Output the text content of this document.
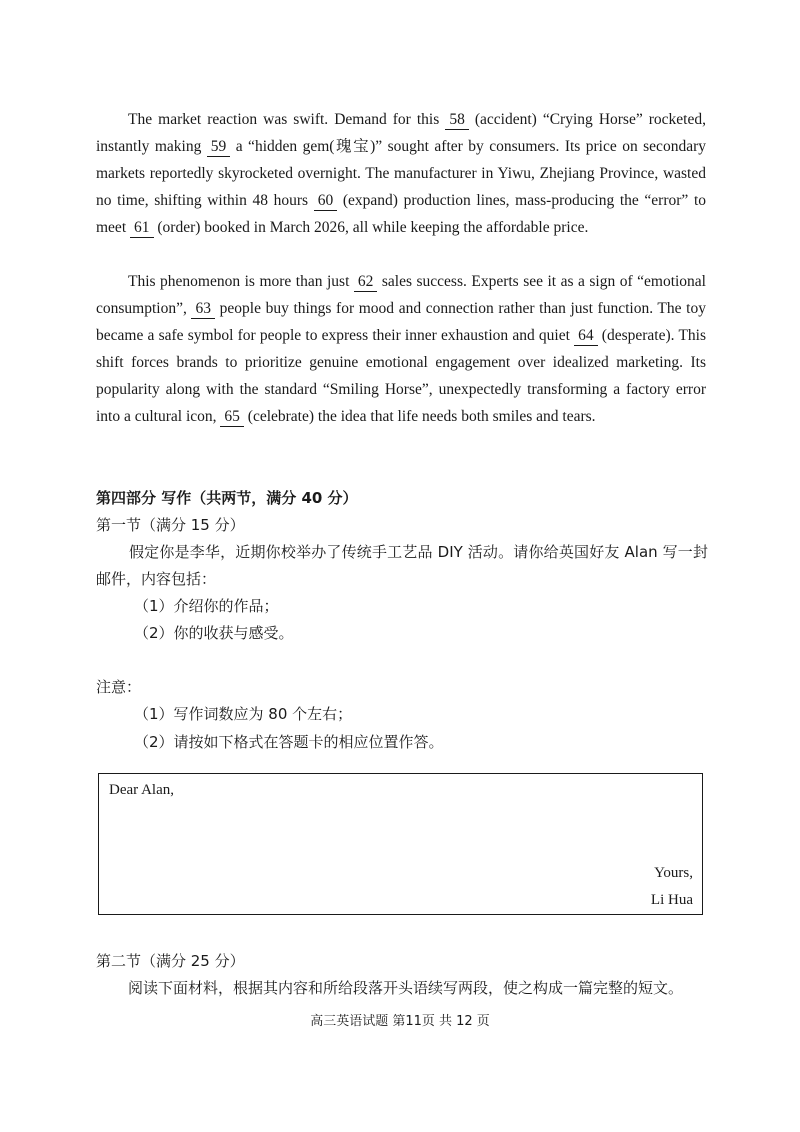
The market reaction was swift. Demand for this 58 (accident) “Crying Horse” rocketed, instantly making 59 a “hidden gem(瑰宝)” sought after by consumers. Its price on secondary markets reportedly skyrocketed overnight. The manufacturer in Yiwu, Zhejiang Province, wasted no time, shifting within 48 hours 60 (expand) production lines, mass-producing the “error” to meet 61 (order) booked in March 2026, all while keeping the affordable price.

This phenomenon is more than just 62 sales success. Experts see it as a sign of “emotional consumption”, 63 people buy things for mood and connection rather than just function. The toy became a safe symbol for people to express their inner exhaustion and quiet 64 (desperate). This shift forces brands to prioritize genuine emotional engagement over idealized marketing. Its popularity along with the standard “Smiling Horse”, unexpectedly transforming a factory error into a cultural icon, 65 (celebrate) the idea that life needs both smiles and tears.

第四部分 写作（共两节，满分 40 分）
第一节（满分 15 分）

假定你是李华，近期你校举办了传统手工艺品 DIY 活动。请你给英国好友 Alan 写一封邮件，内容包括：

（1）介绍你的作品；
（2）你的收获与感受。
注意：
（1）写作词数应为 80 个左右；
（2）请按如下格式在答题卡的相应位置作答。
Dear Alan,
Yours,
Li Hua
第二节（满分 25 分）
阅读下面材料，根据其内容和所给段落开头语续写两段，使之构成一篇完整的短文。
高三英语试题 第11页 共 12 页
